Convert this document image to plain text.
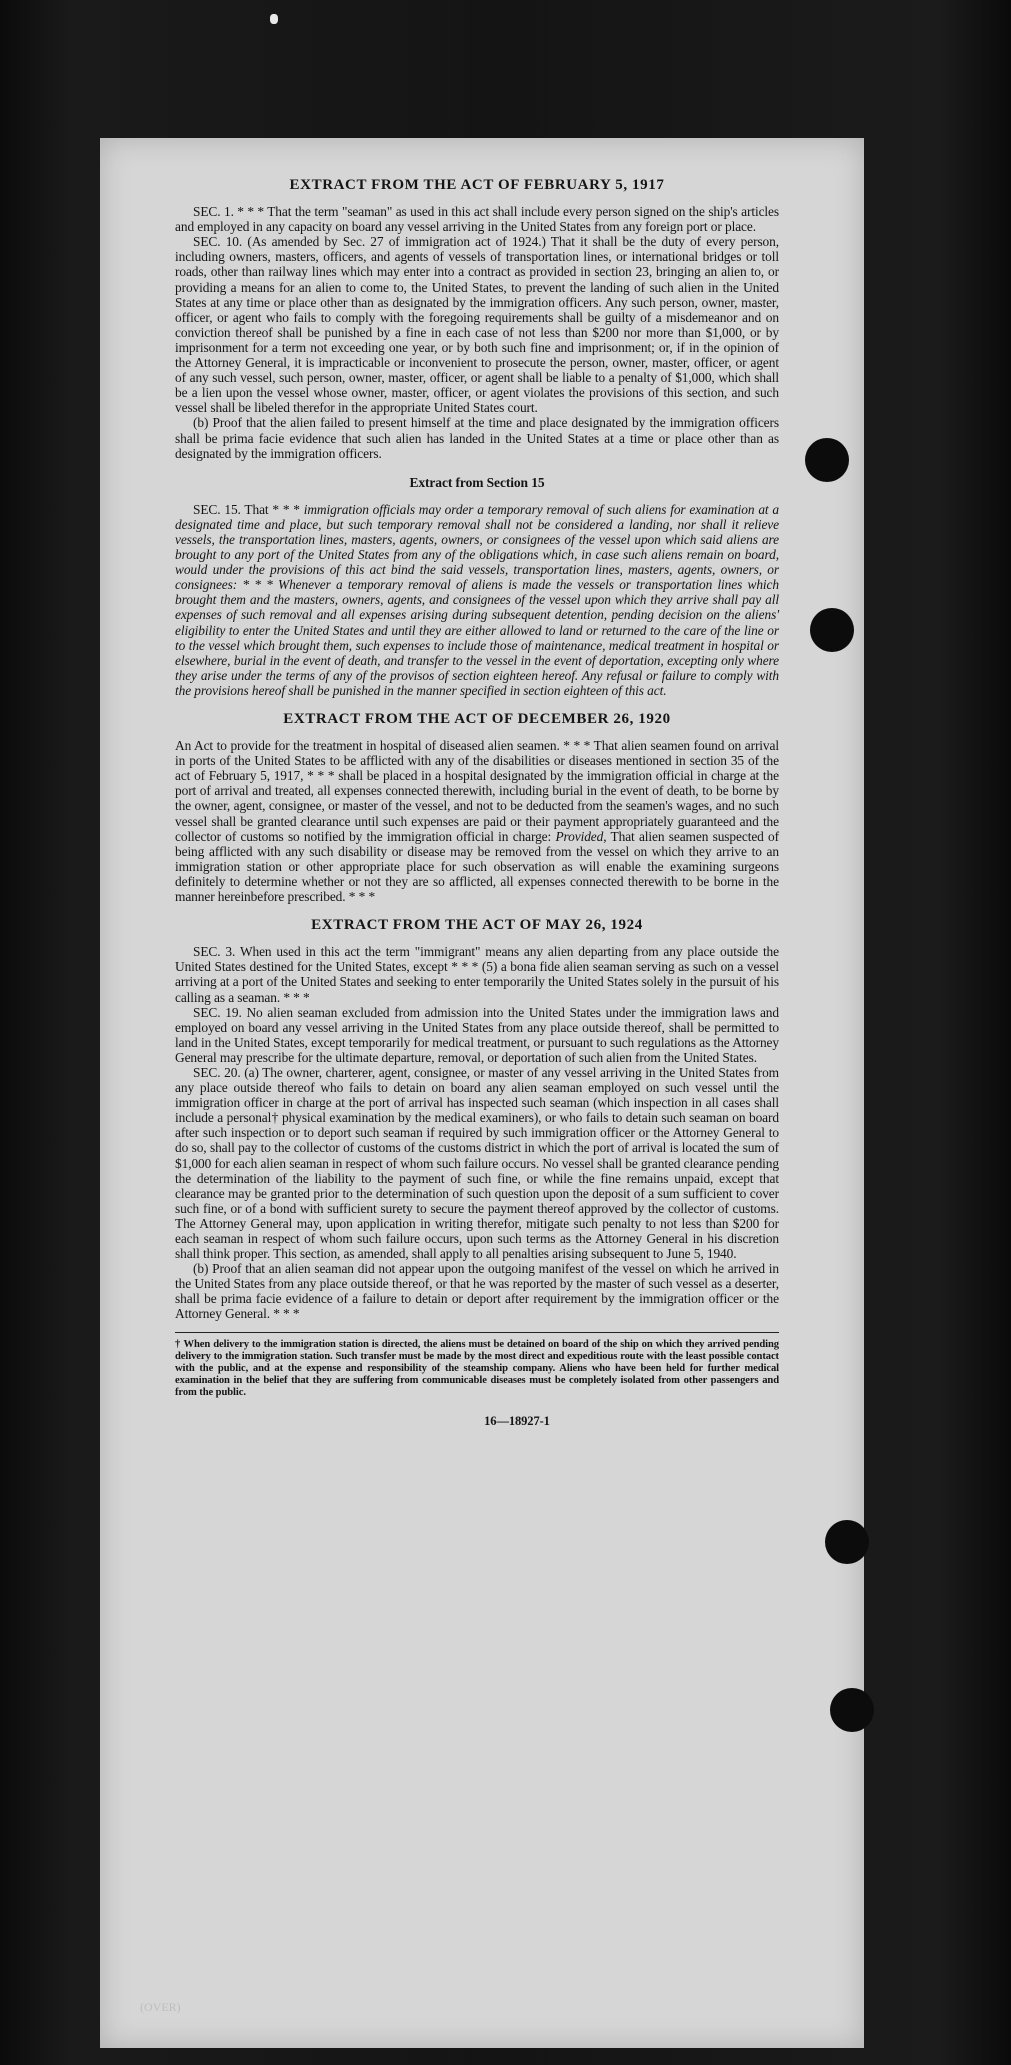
EXTRACT FROM THE ACT OF FEBRUARY 5, 1917

SEC. 1. * * * That the term "seaman" as used in this act shall include every person signed on the ship's articles and employed in any capacity on board any vessel arriving in the United States from any foreign port or place.

SEC. 10. (As amended by Sec. 27 of immigration act of 1924.) That it shall be the duty of every person, including owners, masters, officers, and agents of vessels of transportation lines, or international bridges or toll roads, other than railway lines which may enter into a contract as provided in section 23, bringing an alien to, or providing a means for an alien to come to, the United States, to prevent the landing of such alien in the United States at any time or place other than as designated by the immigration officers. Any such person, owner, master, officer, or agent who fails to comply with the foregoing requirements shall be guilty of a misdemeanor and on conviction thereof shall be punished by a fine in each case of not less than $200 nor more than $1,000, or by imprisonment for a term not exceeding one year, or by both such fine and imprisonment; or, if in the opinion of the Attorney General, it is impracticable or inconvenient to prosecute the person, owner, master, officer, or agent of any such vessel, such person, owner, master, officer, or agent shall be liable to a penalty of $1,000, which shall be a lien upon the vessel whose owner, master, officer, or agent violates the provisions of this section, and such vessel shall be libeled therefor in the appropriate United States court.

(b) Proof that the alien failed to present himself at the time and place designated by the immigration officers shall be prima facie evidence that such alien has landed in the United States at a time or place other than as designated by the immigration officers.

Extract from Section 15

SEC. 15. That * * * immigration officials may order a temporary removal of such aliens for examination at a designated time and place, but such temporary removal shall not be considered a landing, nor shall it relieve vessels, the transportation lines, masters, agents, owners, or consignees of the vessel upon which said aliens are brought to any port of the United States from any of the obligations which, in case such aliens remain on board, would under the provisions of this act bind the said vessels, transportation lines, masters, agents, owners, or consignees: * * * Whenever a temporary removal of aliens is made the vessels or transportation lines which brought them and the masters, owners, agents, and consignees of the vessel upon which they arrive shall pay all expenses of such removal and all expenses arising during subsequent detention, pending decision on the aliens' eligibility to enter the United States and until they are either allowed to land or returned to the care of the line or to the vessel which brought them, such expenses to include those of maintenance, medical treatment in hospital or elsewhere, burial in the event of death, and transfer to the vessel in the event of deportation, excepting only where they arise under the terms of any of the provisos of section eighteen hereof. Any refusal or failure to comply with the provisions hereof shall be punished in the manner specified in section eighteen of this act.

EXTRACT FROM THE ACT OF DECEMBER 26, 1920

An Act to provide for the treatment in hospital of diseased alien seamen. * * * That alien seamen found on arrival in ports of the United States to be afflicted with any of the disabilities or diseases mentioned in section 35 of the act of February 5, 1917, * * * shall be placed in a hospital designated by the immigration official in charge at the port of arrival and treated, all expenses connected therewith, including burial in the event of death, to be borne by the owner, agent, consignee, or master of the vessel, and not to be deducted from the seamen's wages, and no such vessel shall be granted clearance until such expenses are paid or their payment appropriately guaranteed and the collector of customs so notified by the immigration official in charge: Provided, That alien seamen suspected of being afflicted with any such disability or disease may be removed from the vessel on which they arrive to an immigration station or other appropriate place for such observation as will enable the examining surgeons definitely to determine whether or not they are so afflicted, all expenses connected therewith to be borne in the manner hereinbefore prescribed. * * *

EXTRACT FROM THE ACT OF MAY 26, 1924

SEC. 3. When used in this act the term "immigrant" means any alien departing from any place outside the United States destined for the United States, except * * * (5) a bona fide alien seaman serving as such on a vessel arriving at a port of the United States and seeking to enter temporarily the United States solely in the pursuit of his calling as a seaman. * * *

SEC. 19. No alien seaman excluded from admission into the United States under the immigration laws and employed on board any vessel arriving in the United States from any place outside thereof, shall be permitted to land in the United States, except temporarily for medical treatment, or pursuant to such regulations as the Attorney General may prescribe for the ultimate departure, removal, or deportation of such alien from the United States.

SEC. 20. (a) The owner, charterer, agent, consignee, or master of any vessel arriving in the United States from any place outside thereof who fails to detain on board any alien seaman employed on such vessel until the immigration officer in charge at the port of arrival has inspected such seaman (which inspection in all cases shall include a personal† physical examination by the medical examiners), or who fails to detain such seaman on board after such inspection or to deport such seaman if required by such immigration officer or the Attorney General to do so, shall pay to the collector of customs of the customs district in which the port of arrival is located the sum of $1,000 for each alien seaman in respect of whom such failure occurs. No vessel shall be granted clearance pending the determination of the liability to the payment of such fine, or while the fine remains unpaid, except that clearance may be granted prior to the determination of such question upon the deposit of a sum sufficient to cover such fine, or of a bond with sufficient surety to secure the payment thereof approved by the collector of customs. The Attorney General may, upon application in writing therefor, mitigate such penalty to not less than $200 for each seaman in respect of whom such failure occurs, upon such terms as the Attorney General in his discretion shall think proper. This section, as amended, shall apply to all penalties arising subsequent to June 5, 1940.

(b) Proof that an alien seaman did not appear upon the outgoing manifest of the vessel on which he arrived in the United States from any place outside thereof, or that he was reported by the master of such vessel as a deserter, shall be prima facie evidence of a failure to detain or deport after requirement by the immigration officer or the Attorney General. * * *

† When delivery to the immigration station is directed, the aliens must be detained on board of the ship on which they arrived pending delivery to the immigration station. Such transfer must be made by the most direct and expeditious route with the least possible contact with the public, and at the expense and responsibility of the steamship company. Aliens who have been held for further medical examination in the belief that they are suffering from communicable diseases must be completely isolated from other passengers and from the public.

16—18927-1
(OVER)
